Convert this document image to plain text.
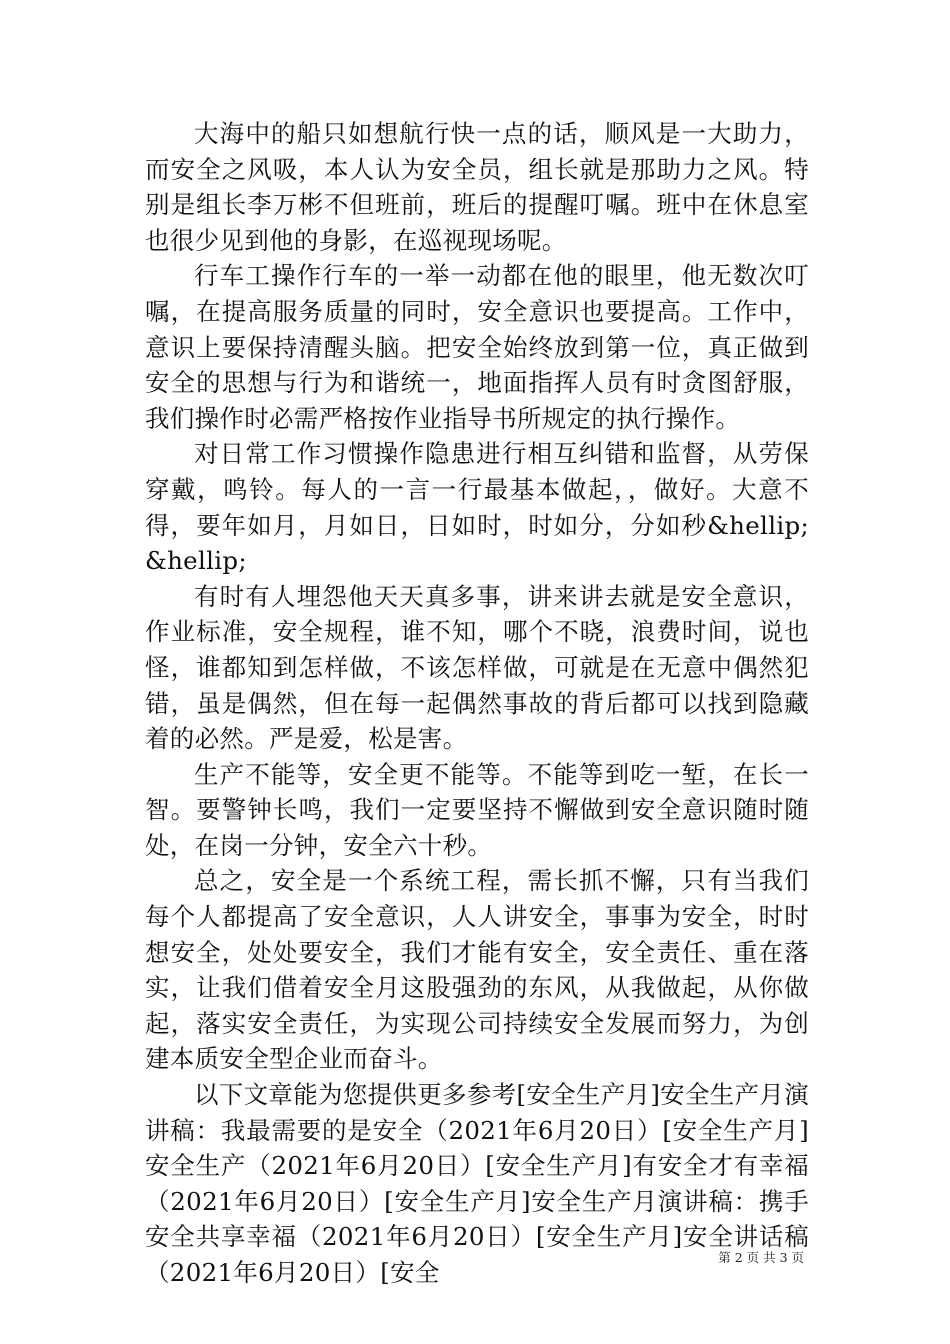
大海中的船只如想航行快一点的话，顺风是一大助力，而安全之风吸，本人认为安全员，组长就是那助力之风。特别是组长李万彬不但班前，班后的提醒叮嘱。班中在休息室也很少见到他的身影，在巡视现场呢。

行车工操作行车的一举一动都在他的眼里，他无数次叮嘱，在提高服务质量的同时，安全意识也要提高。工作中，意识上要保持清醒头脑。把安全始终放到第一位，真正做到安全的思想与行为和谐统一，地面指挥人员有时贪图舒服，我们操作时必需严格按作业指导书所规定的执行操作。

对日常工作习惯操作隐患进行相互纠错和监督，从劳保穿戴，鸣铃。每人的一言一行最基本做起，，做好。大意不得，要年如月，月如日，日如时，时如分，分如秒&hellip;&hellip;

有时有人埋怨他天天真多事，讲来讲去就是安全意识，作业标准，安全规程，谁不知，哪个不晓，浪费时间，说也怪，谁都知到怎样做，不该怎样做，可就是在无意中偶然犯错，虽是偶然，但在每一起偶然事故的背后都可以找到隐藏着的必然。严是爱，松是害。

生产不能等，安全更不能等。不能等到吃一堑，在长一智。要警钟长鸣，我们一定要坚持不懈做到安全意识随时随处，在岗一分钟，安全六十秒。

总之，安全是一个系统工程，需长抓不懈，只有当我们每个人都提高了安全意识，人人讲安全，事事为安全，时时想安全，处处要安全，我们才能有安全，安全责任、重在落实，让我们借着安全月这股强劲的东风，从我做起，从你做起，落实安全责任，为实现公司持续安全发展而努力，为创建本质安全型企业而奋斗。

以下文章能为您提供更多参考[安全生产月]安全生产月演讲稿：我最需要的是安全（2021年6月20日）[安全生产月]安全生产（2021年6月20日）[安全生产月]有安全才有幸福（2021年6月20日）[安全生产月]安全生产月演讲稿：携手安全共享幸福（2021年6月20日）[安全生产月]安全讲话稿（2021年6月20日）[安全

第 2 页 共 3 页
